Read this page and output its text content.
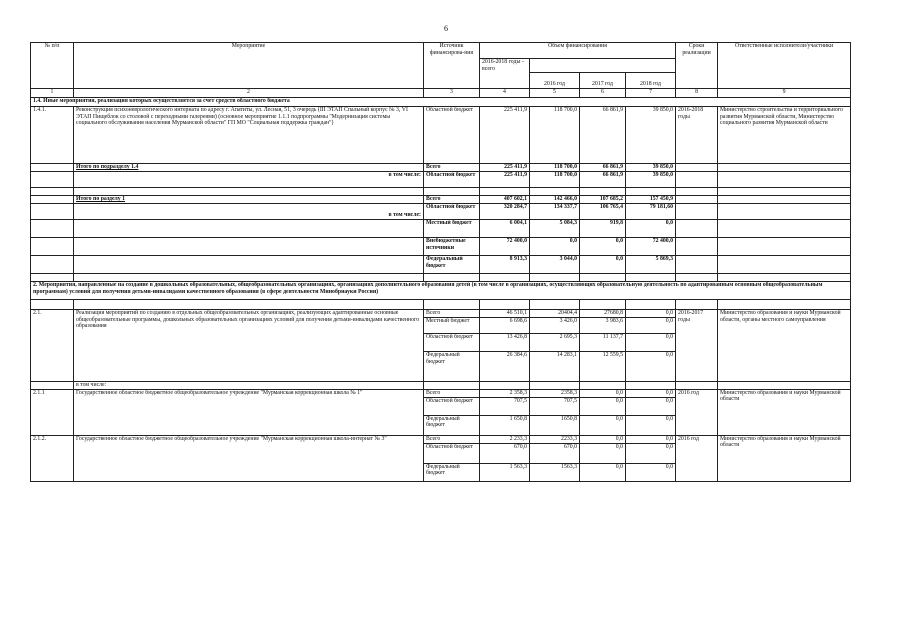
6
№ п/п	Мероприятие	Источник финансирова-ния	Объем финансирования				Сроки реализации	Ответственные исполнители/участники
			2016-2018 годы - всего					
				2016 год	2017 год	2018 год		

1	2	3	4	5	6	7	8	9
1.4. Иные мероприятия, реализация которых осуществляется за счет средств областного бюджета								
1.4.1.	Реконструкция психоневрологического интерната по адресу г. Апатиты, ул. Лесная, 51, 3 очередь (III ЭТАП Спальный корпус № 3, VI ЭТАП Пищеблок со столовой с переходными галереями) (основное мероприятие 1.1.1 подпрограммы "Модернизация системы социального обслуживания населения Мурманской области" ГП МО "Социальная поддержка граждан")	Областной бюджет	225 411,9	118 700,0	66 861,9	39 850,0	2016-2018 годы	Министерство строительства и территориального развития Мурманской области, Министерство социального развития Мурманской области
	Итого по подразделу 1.4	Всего	225 411,9	118 700,0	66 861,9	39 850,0		
	в том числе:	Областной бюджет	225 411,9	118 700,0	66 861,9	39 850,0		

	Итого по разделу 1	Всего	407 602,1	142 466,0	107 685,2	157 450,9		
	в том числе:	Областной бюджет	320 284,7	134 337,7	106 765,4	79 181,60		
		Местный бюджет	6 004,1	5 084,3	919,8	0,0		
		Внебюджетные источники	72 400,0	0,0	0,0	72 400,0		
		Федеральный бюджет	8 913,3	3 044,0	0,0	5 869,3		

2. Мероприятия, направленные на создание в дошкольных образовательных, общеобразовательных организациях, организациях дополнительного образования детей (в том числе в организациях, осуществляющих образовательную деятельность по адаптированным основным общеобразовательным программам) условий для получения детьми-инвалидами качественного образования (в сфере деятельности Минобрнауки России)								

2.1.	Реализация мероприятий по созданию в отдельных общеобразовательных организациях, реализующих адаптированные основные общеобразовательные программы, дошкольных образовательных организациях условий для получения детьми-инвалидами качественного образования	Всего	46 510,1	20404,4	27680,8	0,0	2016-2017 годы	Министерство образования и науки Мурманской области, органы местного самоуправления
		Местный бюджет	6 698,6	3 426,0	3 983,6	0,0		
		Областной бюджет	13 426,8	2 695,3	11 137,7	0,0		
		Федеральный бюджет	26 384,6	14 283,1	12 559,5	0,0		
	в том числе:							
2.1.1	Государственное областное бюджетное общеобразовательное учреждение "Мурманская коррекционная школа № 1"	Всего	2 358,3	2358,3	0,0	0,0	2016 год	Министерство образования и науки Мурманской области
		Областной бюджет	707,5	707,5	0,0	0,0		
		Федеральный бюджет	1 650,8	1650,8	0,0	0,0		
2.1.2.	Государственное областное бюджетное общеобразовательное учреждение "Мурманская коррекционная школа-интернат № 3"	Всего	2 233,3	2233,3	0,0	0,0	2016 год	Министерство образования и науки Мурманской области
		Областной бюджет	670,0	670,0	0,0	0,0		
		Федеральный бюджет	1 563,3	1563,3	0,0	0,0		
